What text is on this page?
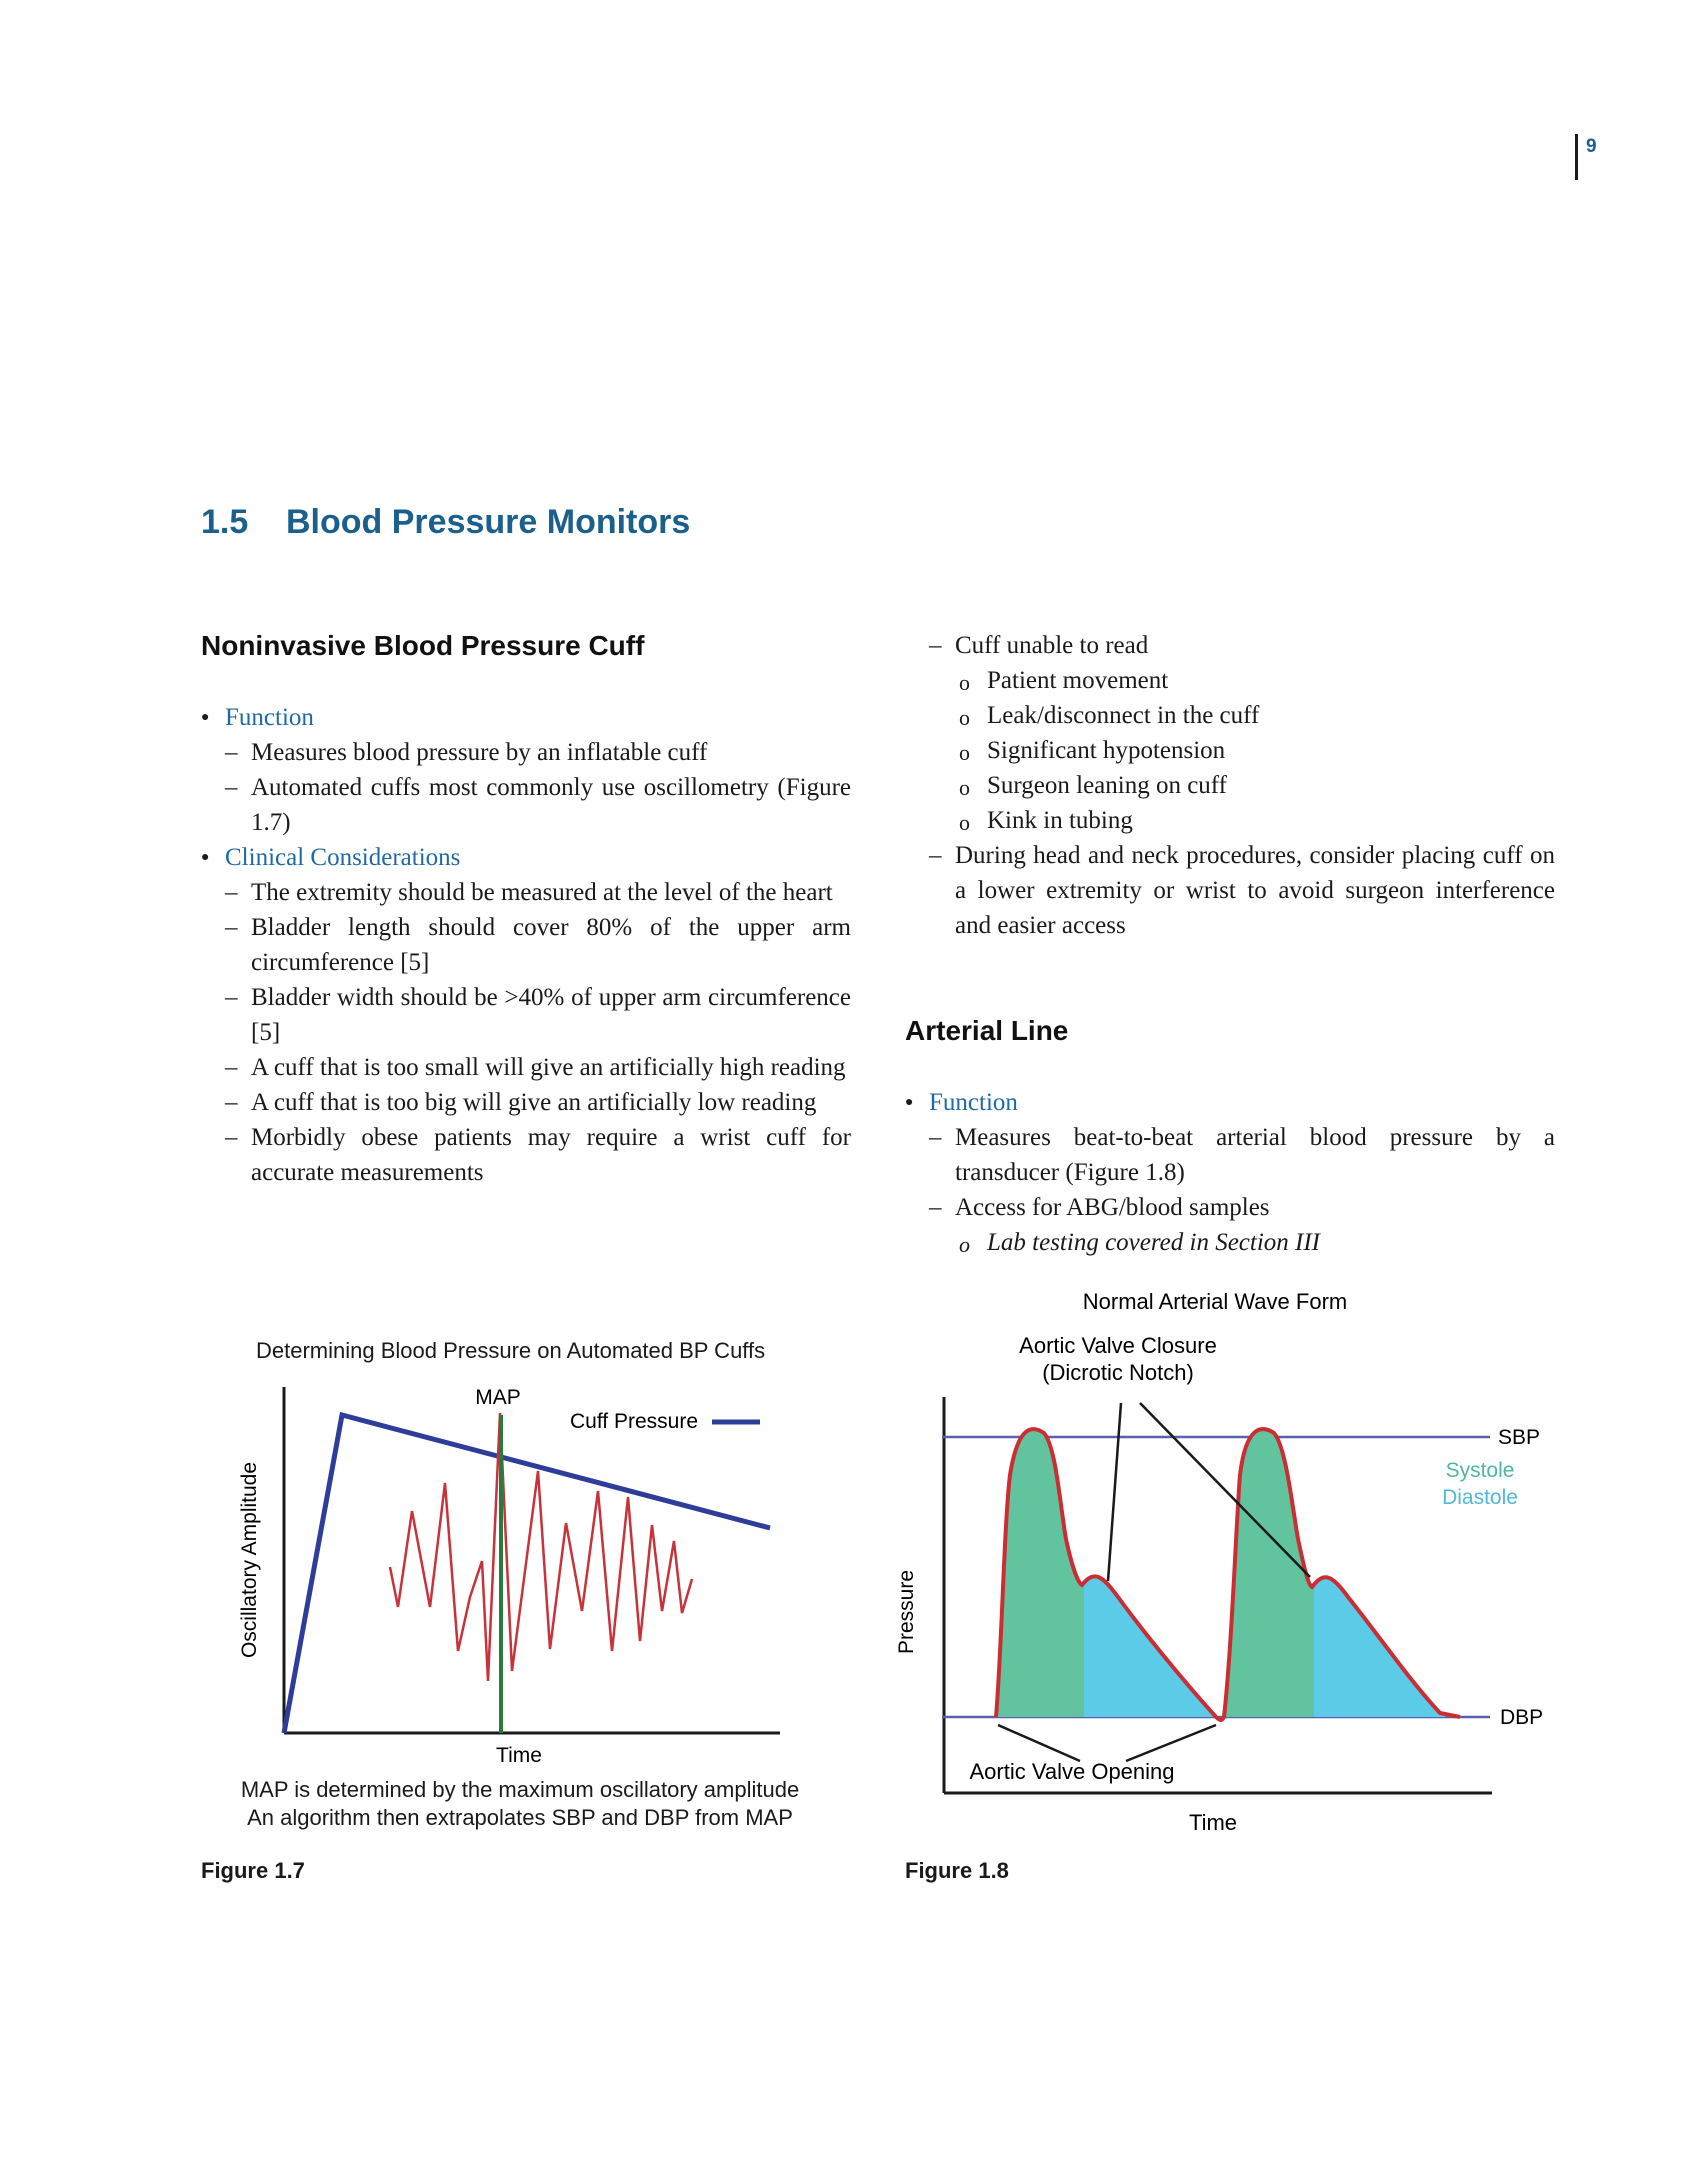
9
1.5 Blood Pressure Monitors
Noninvasive Blood Pressure Cuff
● Function
– Measures blood pressure by an inflatable cuff
– Automated cuffs most commonly use oscillometry (Figure 1.7)
● Clinical Considerations
– The extremity should be measured at the level of the heart
– Bladder length should cover 80% of the upper arm circumference [5]
– Bladder width should be >40% of upper arm circumference [5]
– A cuff that is too small will give an artificially high reading
– A cuff that is too big will give an artificially low reading
– Morbidly obese patients may require a wrist cuff for accurate measurements
– Cuff unable to read
o Patient movement
o Leak/disconnect in the cuff
o Significant hypotension
o Surgeon leaning on cuff
o Kink in tubing
– During head and neck procedures, consider placing cuff on a lower extremity or wrist to avoid surgeon interference and easier access
Arterial Line
● Function
– Measures beat-to-beat arterial blood pressure by a transducer (Figure 1.8)
– Access for ABG/blood samples
o Lab testing covered in Section III
Determining Blood Pressure on Automated BP Cuffs
Oscillatory Amplitude
Time
MAP
Cuff Pressure
MAP is determined by the maximum oscillatory amplitude
An algorithm then extrapolates SBP and DBP from MAP
Figure 1.7
Normal Arterial Wave Form
Aortic Valve Closure
(Dicrotic Notch)
Pressure
Time
SBP
DBP
Systole
Diastole
Aortic Valve Opening
Figure 1.8
